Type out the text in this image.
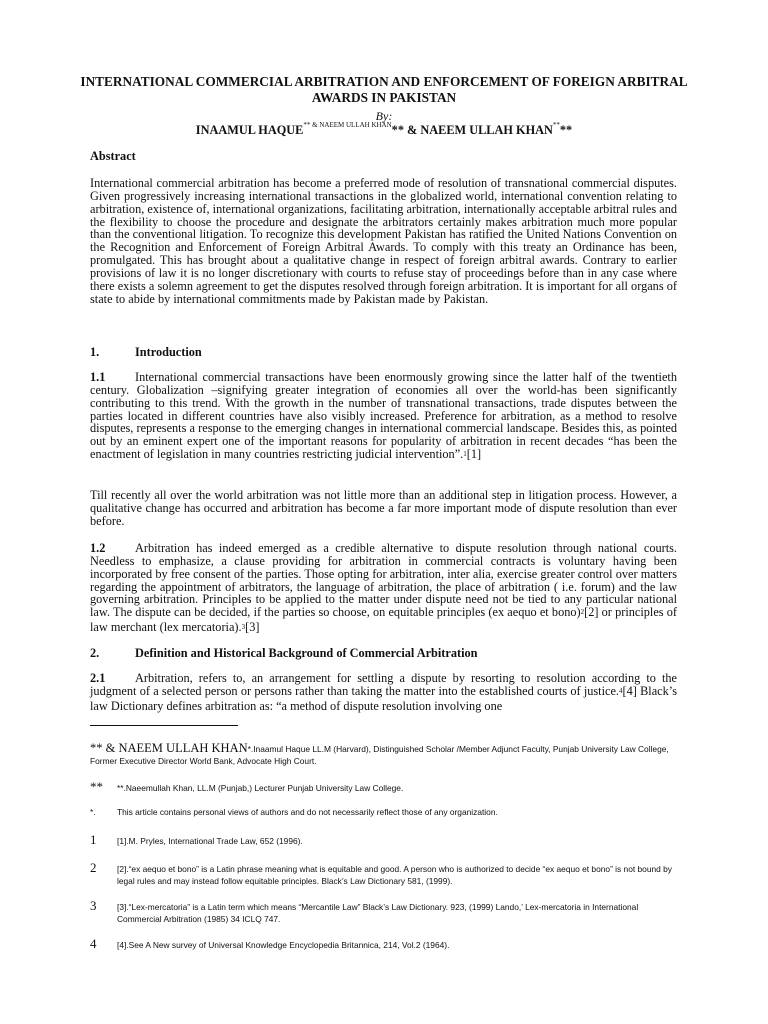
INTERNATIONAL COMMERCIAL ARBITRATION AND ENFORCEMENT OF FOREIGN ARBITRAL AWARDS IN PAKISTAN
By:
INAAMUL $HAQUE^{** \& NAEEM ULLAH KHAN}**$ & NAEEM ULLAH KHAN****
Abstract

International commercial arbitration has become a preferred mode of resolution of transnational commercial disputes. Given progressively increasing international transactions in the globalized world, international convention relating to arbitration, existence of, international organizations, facilitating arbitration, internationally acceptable arbitral rules and the flexibility to choose the procedure and designate the arbitrators certainly makes arbitration much more popular than the conventional litigation. To recognize this development Pakistan has ratified the United Nations Convention on the Recognition and Enforcement of Foreign Arbitral Awards. To comply with this treaty an Ordinance has been, promulgated. This has brought about a qualitative change in respect of foreign arbitral awards. Contrary to earlier provisions of law it is no longer discretionary with courts to refuse stay of proceedings before than in any case where there exists a solemn agreement to get the disputes resolved through foreign arbitration. It is important for all organs of state to abide by international commitments made by Pakistan made by Pakistan.

1.	Introduction

1.1 International commercial transactions have been enormously growing since the latter half of the twentieth century. Globalization –signifying greater integration of economies all over the world-has been significantly contributing to this trend. With the growth in the number of transnational transactions, trade disputes between the parties located in different countries have also visibly increased. Preference for arbitration, as a method to resolve disputes, represents a response to the emerging changes in international commercial landscape. Besides this, as pointed out by an eminent expert one of the important reasons for popularity of arbitration in recent decades “has been the enactment of legislation in many countries restricting judicial intervention”.$^1$[1]

Till recently all over the world arbitration was not little more than an additional step in litigation process. However, a qualitative change has occurred and arbitration has become a far more important mode of dispute resolution than ever before.

1.2 Arbitration has indeed emerged as a credible alternative to dispute resolution through national courts. Needless to emphasize, a clause providing for arbitration in commercial contracts is voluntary having been incorporated by free consent of the parties. Those opting for arbitration, inter alia, exercise greater control over matters regarding the appointment of arbitrators, the language of arbitration, the place of arbitration ( i.e. forum) and the law governing arbitration. Principles to be applied to the matter under dispute need not be tied to any particular national law. The dispute can be decided, if the parties so choose, on equitable principles (ex aequo et bono)$^2$[2] or principles of law merchant (lex mercatoria).$^3$[3]

2.	Definition and Historical Background of Commercial Arbitration

2.1 Arbitration, refers to, an arrangement for settling a dispute by resorting to resolution according to the judgment of a selected person or persons rather than taking the matter into the established courts of justice.$^4$[4] Black’s law Dictionary defines arbitration as: “a method of dispute resolution involving one

** & NAEEM ULLAH KHAN*.Inaamul Haque LL.M (Harvard), Distinguished Scholar /Member Adjunct Faculty, Punjab University Law College, Former Executive Director World Bank, Advocate High Court.
** **.Naeemullah Khan, LL.M (Punjab,) Lecturer Punjab University Law College.
*.	This article contains personal views of authors and do not necessarily reflect those of any organization.
1 [1].M. Pryles, International Trade Law, 652 (1996).
2 [2].“ex aequo et bono” is a Latin phrase meaning what is equitable and good. A person who is authorized to decide “ex aequo et bono” is not bound by legal rules and may instead follow equitable principles. Black’s Law Dictionary 581, (1999).
3 [3].“Lex-mercatoria” is a Latin term which means “Mercantile Law” Black’s Law Dictionary. 923, (1999) Lando,’ Lex-mercatoria in International Commercial Arbitration (1985) 34 ICLQ 747.
4 [4].See A New survey of Universal Knowledge Encyclopedia Britannica, 214, Vol.2 (1964).
